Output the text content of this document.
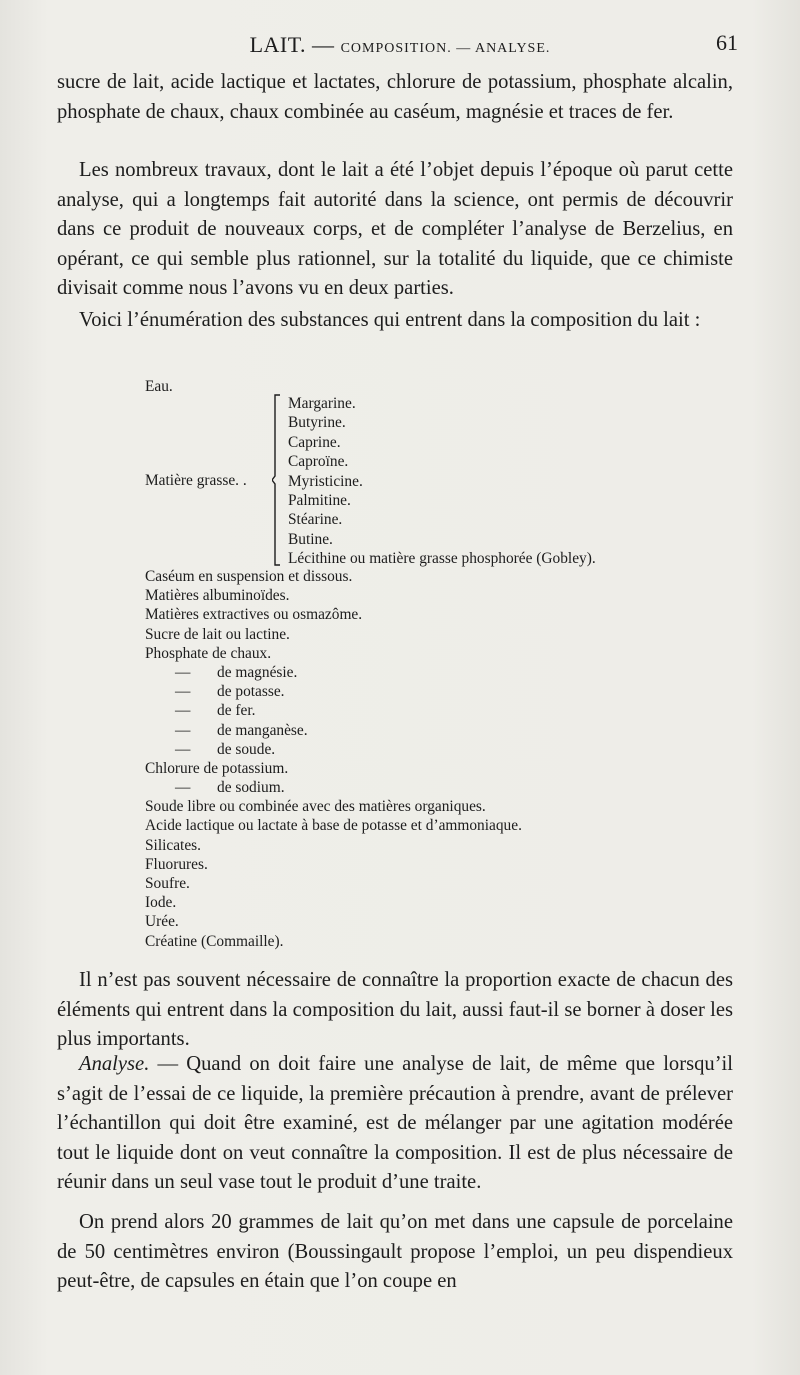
LAIT. — COMPOSITION. — ANALYSE.	61

sucre de lait, acide lactique et lactates, chlorure de potassium, phosphate alcalin, phosphate de chaux, chaux combinée au caséum, magnésie et traces de fer.

Les nombreux travaux, dont le lait a été l’objet depuis l’époque où parut cette analyse, qui a longtemps fait autorité dans la science, ont permis de découvrir dans ce produit de nouveaux corps, et de compléter l’analyse de Berzelius, en opérant, ce qui semble plus rationnel, sur la totalité du liquide, que ce chimiste divisait comme nous l’avons vu en deux parties.

Voici l’énumération des substances qui entrent dans la composition du lait :

Eau.
Matière grasse. .
Margarine.
Butyrine.
Caprine.
Caproïne.
Myristicine.
Palmitine.
Stéarine.
Butine.
Lécithine ou matière grasse phosphorée (Gobley).
Caséum en suspension et dissous.
Matières albuminoïdes.
Matières extractives ou osmazôme.
Sucre de lait ou lactine.
Phosphate de chaux.
— de magnésie.
— de potasse.
— de fer.
— de manganèse.
— de soude.
Chlorure de potassium.
— de sodium.
Soude libre ou combinée avec des matières organiques.
Acide lactique ou lactate à base de potasse et d’ammoniaque.
Silicates.
Fluorures.
Soufre.
Iode.
Urée.
Créatine (Commaille).

Il n’est pas souvent nécessaire de connaître la proportion exacte de chacun des éléments qui entrent dans la composition du lait, aussi faut-il se borner à doser les plus importants.

Analyse. — Quand on doit faire une analyse de lait, de même que lorsqu’il s’agit de l’essai de ce liquide, la première précaution à prendre, avant de prélever l’échantillon qui doit être examiné, est de mélanger par une agitation modérée tout le liquide dont on veut connaître la composition. Il est de plus nécessaire de réunir dans un seul vase tout le produit d’une traite.

On prend alors 20 grammes de lait qu’on met dans une capsule de porcelaine de 50 centimètres environ (Boussingault propose l’emploi, un peu dispendieux peut-être, de capsules en étain que l’on coupe en
